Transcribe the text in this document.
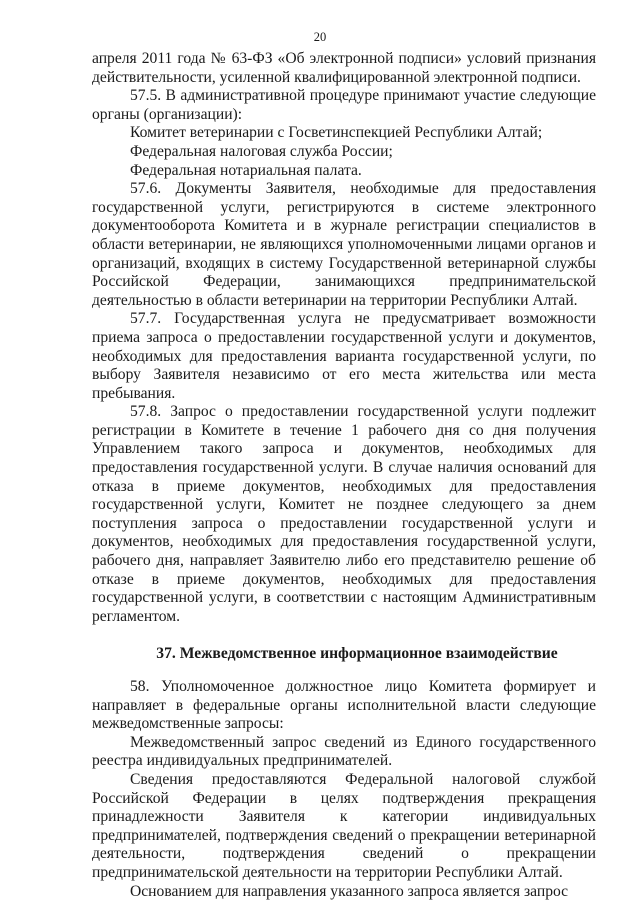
20

апреля 2011 года № 63-ФЗ «Об электронной подписи» условий признания действительности, усиленной квалифицированной электронной подписи.

57.5. В административной процедуре принимают участие следующие органы (организации):

Комитет ветеринарии с Госветинспекцией Республики Алтай;

Федеральная налоговая служба России;

Федеральная нотариальная палата.

57.6. Документы Заявителя, необходимые для предоставления государственной услуги, регистрируются в системе электронного документооборота Комитета и в журнале регистрации специалистов в области ветеринарии, не являющихся уполномоченными лицами органов и организаций, входящих в систему Государственной ветеринарной службы Российской Федерации, занимающихся предпринимательской деятельностью в области ветеринарии на территории Республики Алтай.

57.7. Государственная услуга не предусматривает возможности приема запроса о предоставлении государственной услуги и документов, необходимых для предоставления варианта государственной услуги, по выбору Заявителя независимо от его места жительства или места пребывания.

57.8. Запрос о предоставлении государственной услуги подлежит регистрации в Комитете в течение 1 рабочего дня со дня получения Управлением такого запроса и документов, необходимых для предоставления государственной услуги. В случае наличия оснований для отказа в приеме документов, необходимых для предоставления государственной услуги, Комитет не позднее следующего за днем поступления запроса о предоставлении государственной услуги и документов, необходимых для предоставления государственной услуги, рабочего дня, направляет Заявителю либо его представителю решение об отказе в приеме документов, необходимых для предоставления государственной услуги, в соответствии с настоящим Административным регламентом.

37. Межведомственное информационное взаимодействие

58. Уполномоченное должностное лицо Комитета формирует и направляет в федеральные органы исполнительной власти следующие межведомственные запросы:

Межведомственный запрос сведений из Единого государственного реестра индивидуальных предпринимателей.

Сведения предоставляются Федеральной налоговой службой Российской Федерации в целях подтверждения прекращения принадлежности Заявителя к категории индивидуальных предпринимателей, подтверждения сведений о прекращении ветеринарной деятельности, подтверждения сведений о прекращении предпринимательской деятельности на территории Республики Алтай.

Основанием для направления указанного запроса является запрос
